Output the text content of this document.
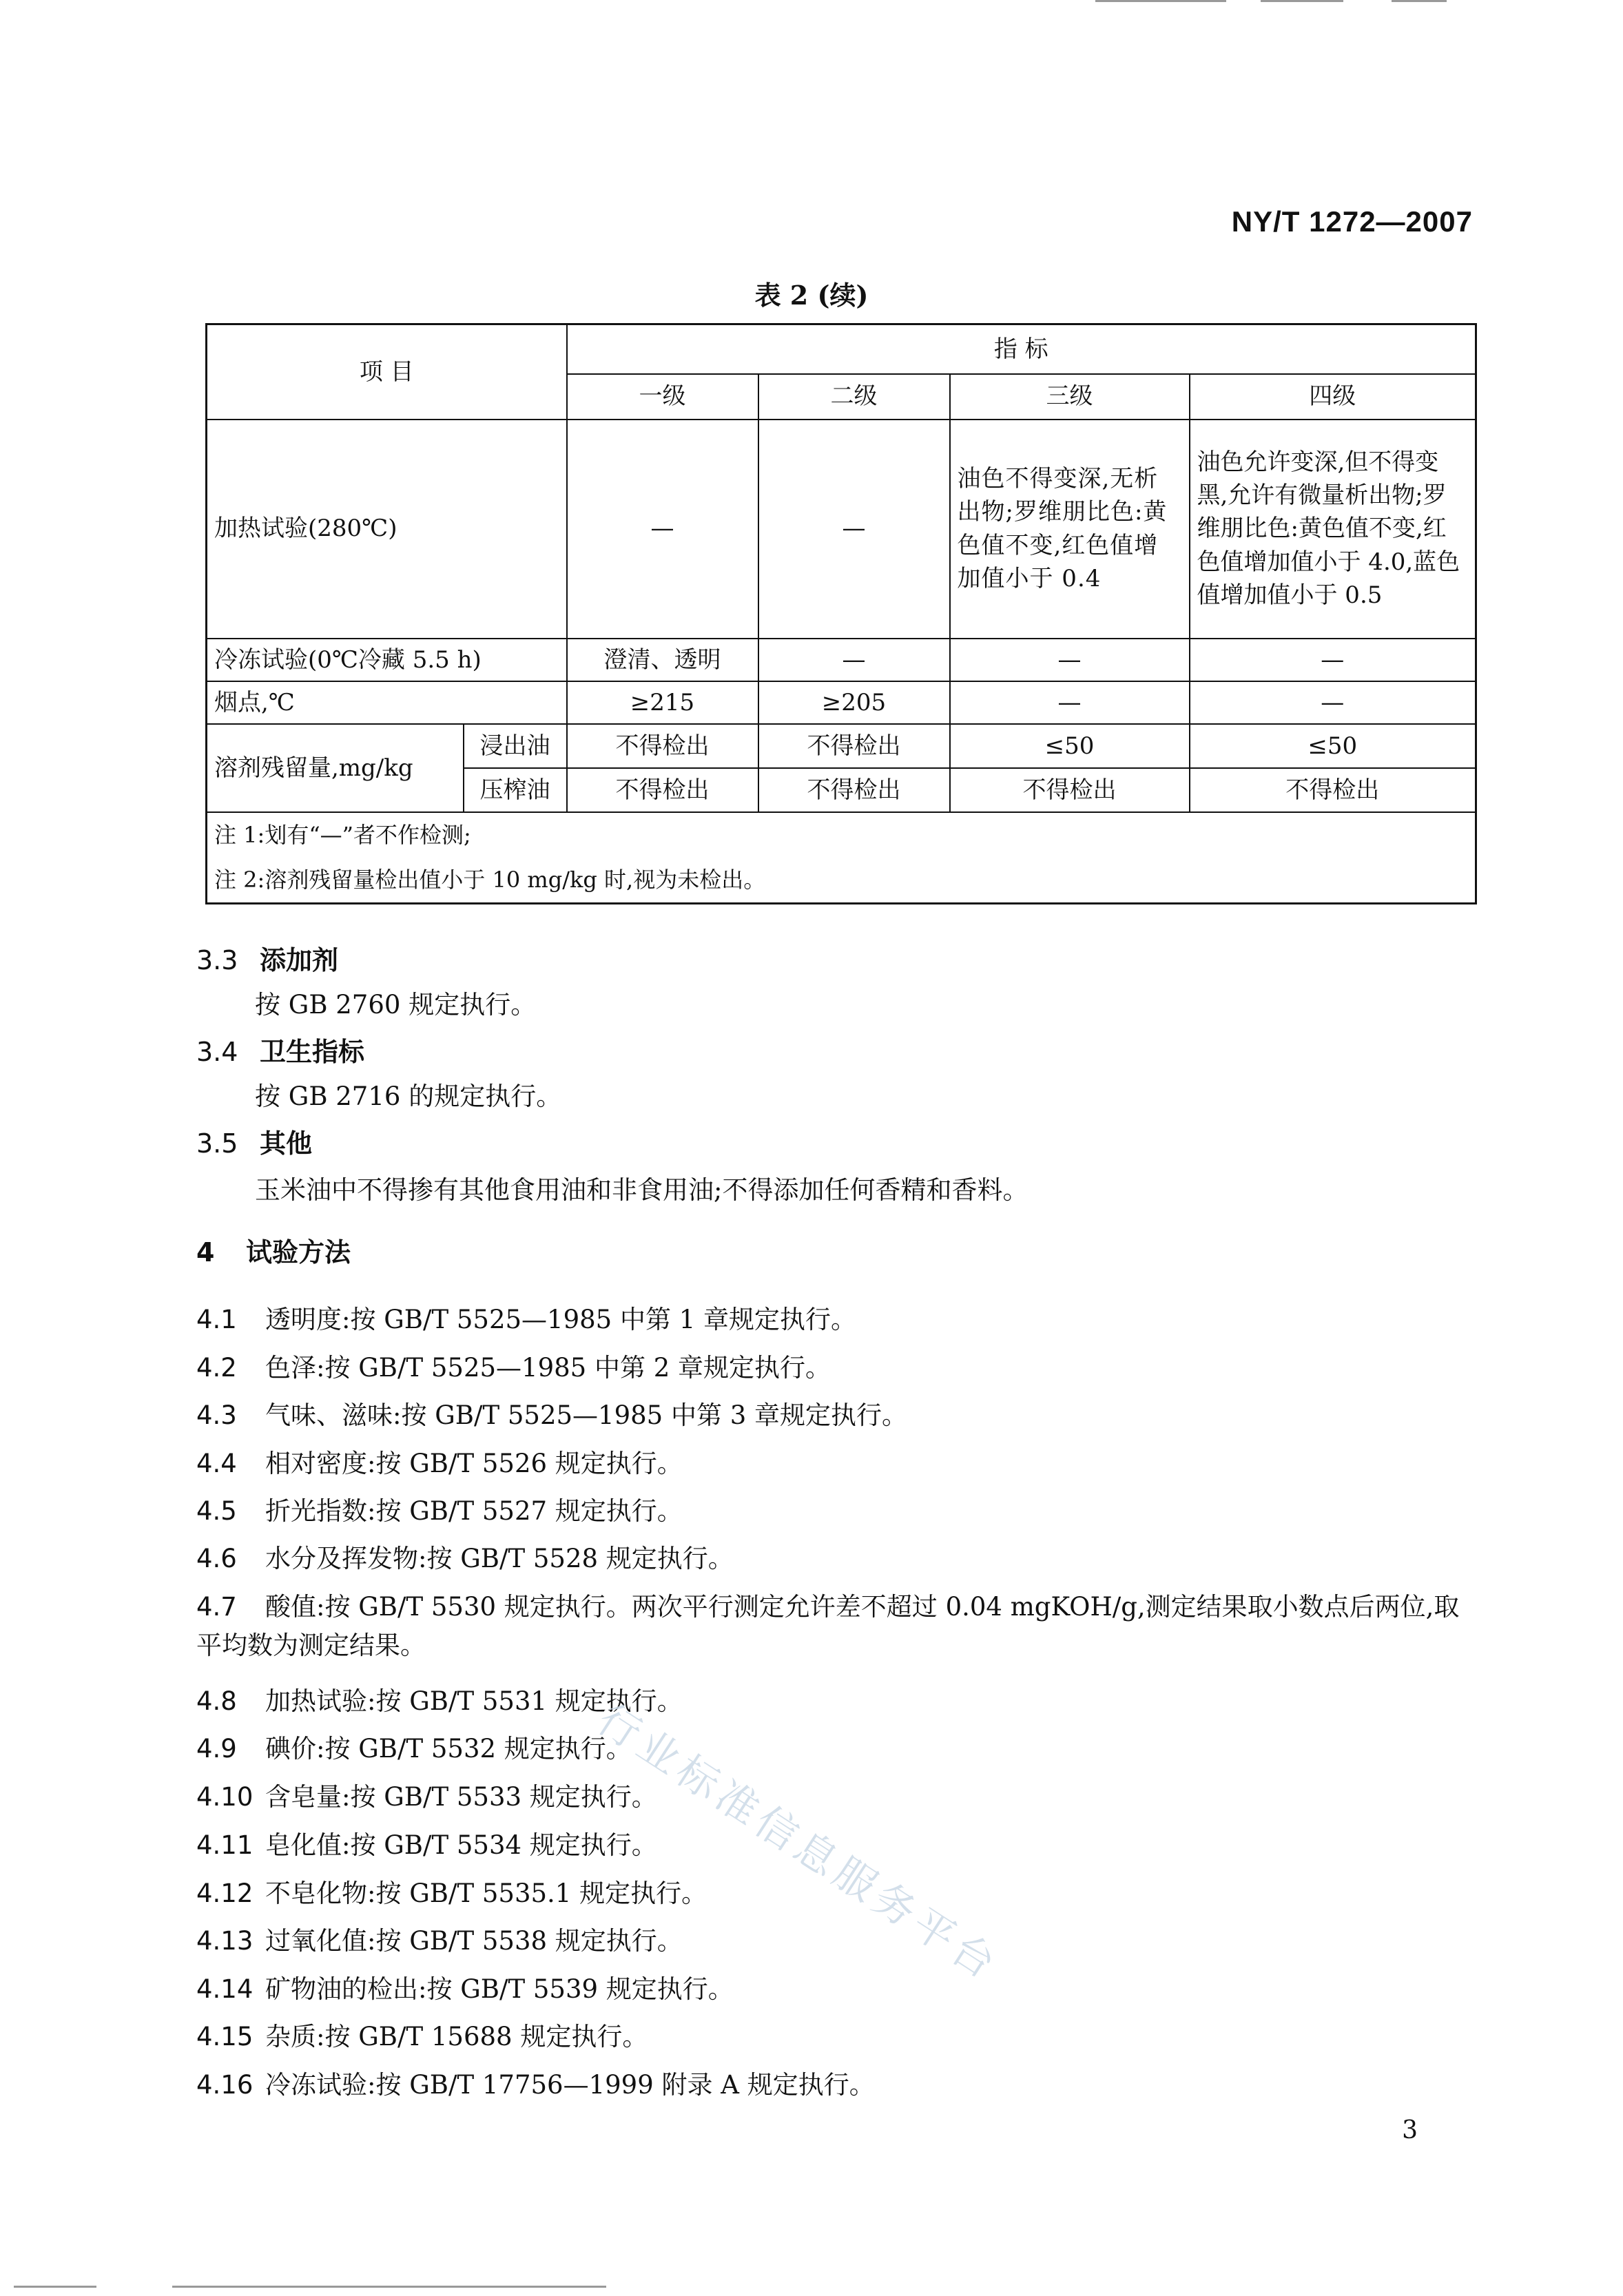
NY/T 1272—2007
表 2 (续)
项 目		指 标			
		一级	二级	三级	四级
加热试验(280℃)		—	—	油色不得变深,无析出物;罗维朋比色:黄色值不变,红色值增加值小于 0.4	油色允许变深,但不得变黑,允许有微量析出物;罗维朋比色:黄色值不变,红色值增加值小于 4.0,蓝色值增加值小于 0.5
冷冻试验(0℃冷藏 5.5 h)		澄清、透明	—	—	—
烟点,℃		≥215	≥205	—	—
溶剂残留量,mg/kg	浸出油	不得检出	不得检出	≤50	≤50
	压榨油	不得检出	不得检出	不得检出	不得检出
注 1:划有“—”者不作检测;					
注 2:溶剂残留量检出值小于 10 mg/kg 时,视为未检出。					
3.3 添加剂
按 GB 2760 规定执行。
3.4 卫生指标
按 GB 2716 的规定执行。
3.5 其他
玉米油中不得掺有其他食用油和非食用油;不得添加任何香精和香料。
4 试验方法
4.1 透明度:按 GB/T 5525—1985 中第 1 章规定执行。
4.2 色泽:按 GB/T 5525—1985 中第 2 章规定执行。
4.3 气味、滋味:按 GB/T 5525—1985 中第 3 章规定执行。
4.4 相对密度:按 GB/T 5526 规定执行。
4.5 折光指数:按 GB/T 5527 规定执行。
4.6 水分及挥发物:按 GB/T 5528 规定执行。
4.7 酸值:按 GB/T 5530 规定执行。两次平行测定允许差不超过 0.04 mgKOH/g,测定结果取小数点后两位,取平均数为测定结果。
4.8 加热试验:按 GB/T 5531 规定执行。
4.9 碘价:按 GB/T 5532 规定执行。
4.10 含皂量:按 GB/T 5533 规定执行。
4.11 皂化值:按 GB/T 5534 规定执行。
4.12 不皂化物:按 GB/T 5535.1 规定执行。
4.13 过氧化值:按 GB/T 5538 规定执行。
4.14 矿物油的检出:按 GB/T 5539 规定执行。
4.15 杂质:按 GB/T 15688 规定执行。
4.16 冷冻试验:按 GB/T 17756—1999 附录 A 规定执行。
行业标准信息服务平台
3
